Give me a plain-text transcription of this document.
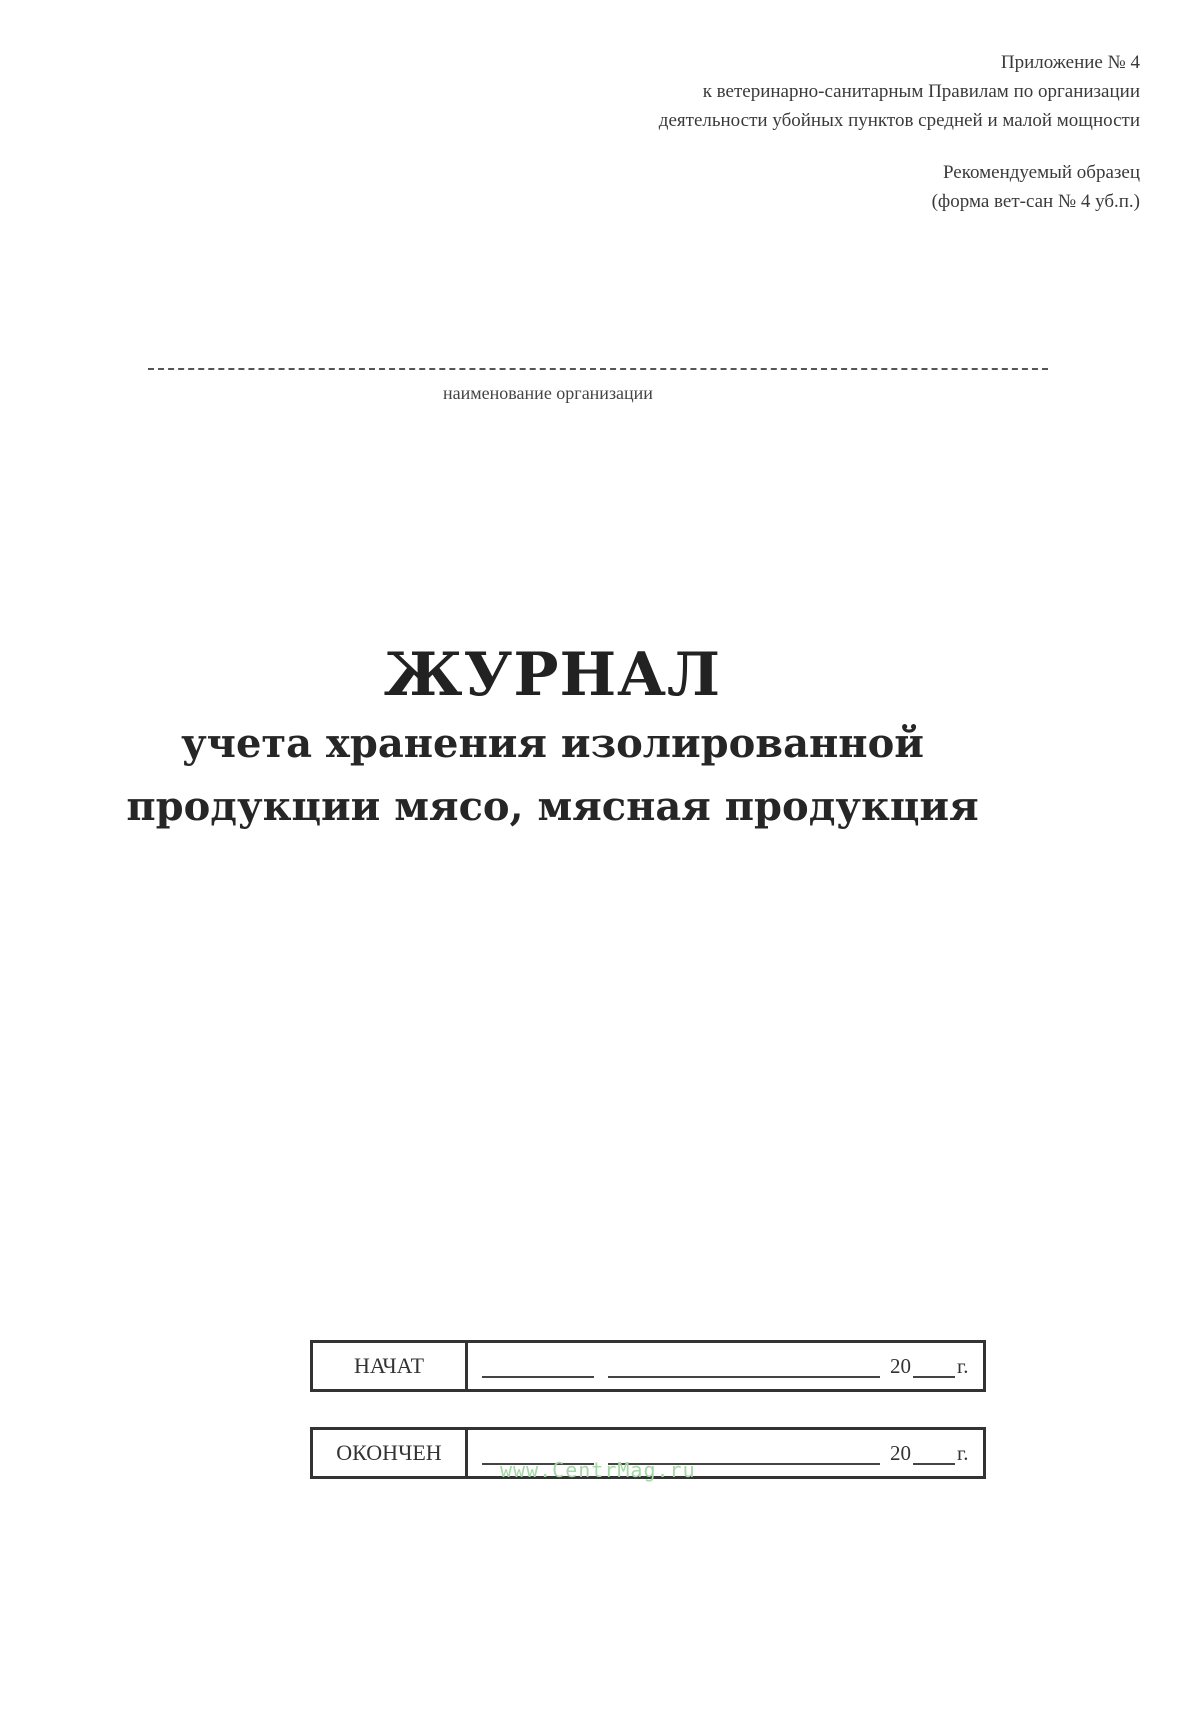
Приложение № 4
к ветеринарно-санитарным Правилам по организации
деятельности убойных пунктов средней и малой мощности
Рекомендуемый образец
(форма вет-сан № 4 уб.п.)
наименование организации
ЖУРНАЛ
учета хранения изолированной
продукции мясо, мясная продукция
НАЧАТ	20 г.
ОКОНЧЕН	20 г.
www.CentrMag.ru
